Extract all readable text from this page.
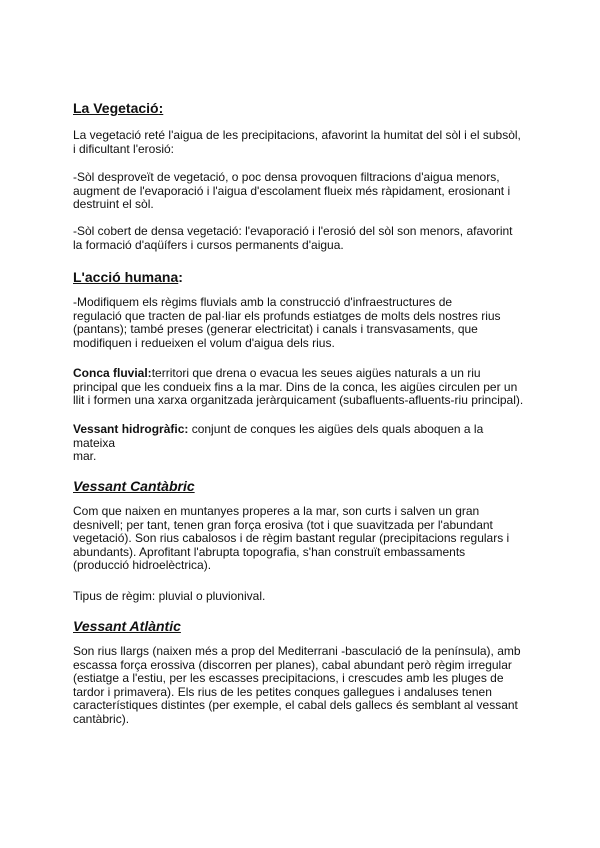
La Vegetació:

La vegetació reté l'aigua de les precipitacions, afavorint la humitat del sòl i el subsòl,
i dificultant l'erosió:

-Sòl desproveït de vegetació, o poc densa provoquen filtracions d'aigua menors,
augment de l'evaporació i l'aigua d'escolament flueix més ràpidament, erosionant i
destruint el sòl.

-Sòl cobert de densa vegetació: l'evaporació i l'erosió del sòl son menors, afavorint
la formació d'aqüífers i cursos permanents d'aigua.

L'acció humana:

-Modifiquem els règims fluvials amb la construcció d'infraestructures de
regulació que tracten de pal·liar els profunds estiatges de molts dels nostres rius
(pantans); també preses (generar electricitat) i canals i transvasaments, que
modifiquen i redueixen el volum d'aigua dels rius.

Conca fluvial:territori que drena o evacua les seues aigües naturals a un riu
principal que les condueix fins a la mar. Dins de la conca, les aigües circulen per un
llit i formen una xarxa organitzada jeràrquicament (subafluents-afluents-riu principal).

Vessant hidrogràfic: conjunt de conques les aigües dels quals aboquen a la
mateixa
mar.

Vessant Cantàbric

Com que naixen en muntanyes properes a la mar, son curts i salven un gran
desnivell; per tant, tenen gran força erosiva (tot i que suavitzada per l'abundant
vegetació). Son rius cabalosos i de règim bastant regular (precipitacions regulars i
abundants). Aprofitant l'abrupta topografia, s'han construït embassaments
(producció hidroelèctrica).

Tipus de règim: pluvial o pluvionival.

Vessant Atlàntic

Son rius llargs (naixen més a prop del Mediterrani -basculació de la península), amb
escassa força erossiva (discorren per planes), cabal abundant però règim irregular
(estiatge a l'estiu, per les escasses precipitacions, i crescudes amb les pluges de
tardor i primavera). Els rius de les petites conques gallegues i andaluses tenen
característiques distintes (per exemple, el cabal dels gallecs és semblant al vessant
cantàbric).
